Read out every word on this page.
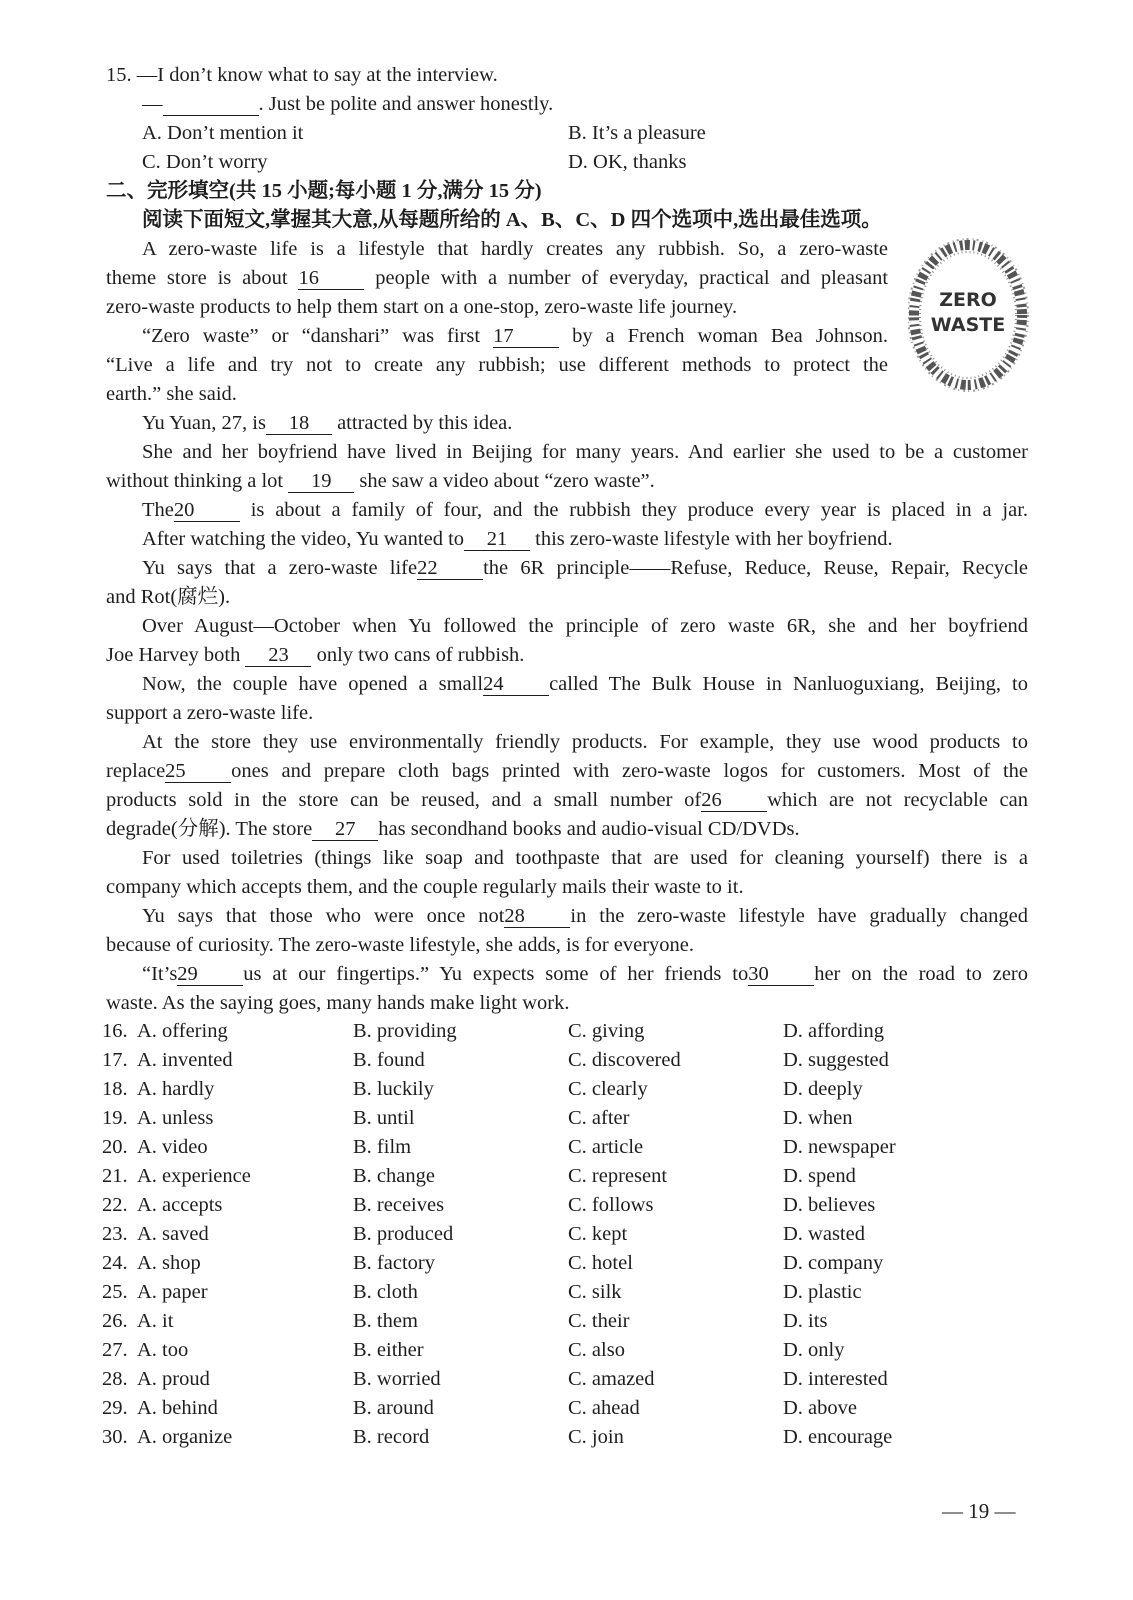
15. —I don’t know what to say at the interview.
—	. Just be polite and answer honestly.
A. Don’t mention it	B. It’s a pleasure
C. Don’t worry	D. OK, thanks
二、完形填空(共 15 小题;每小题 1 分,满分 15 分)
阅读下面短文,掌握其大意,从每题所给的 A、B、C、D 四个选项中,选出最佳选项。
ZERO
WASTE
A zero-waste life is a lifestyle that hardly creates any rubbish. So, a zero-waste
theme store is about 16	people with a number of everyday, practical and pleasant
zero-waste products to help them start on a one-stop, zero-waste life journey.
“Zero waste” or “danshari” was first 17	by a French woman Bea Johnson.
“Live a life and try not to create any rubbish; use different methods to protect the
earth.” she said.
Yu Yuan, 27, is 18 attracted by this idea.
She and her boyfriend have lived in Beijing for many years. And earlier she used to be a customer
without thinking a lot 19 she saw a video about “zero waste”.
The20	is about a family of four, and the rubbish they produce every year is placed in a jar.
After watching the video, Yu wanted to 21 this zero-waste lifestyle with her boyfriend.
Yu says that a zero-waste life22 the 6R principle——Refuse, Reduce, Reuse, Repair, Recycle
and Rot(腐烂).
Over August—October when Yu followed the principle of zero waste 6R, she and her boyfriend
Joe Harvey both 23 only two cans of rubbish.
Now, the couple have opened a small24 called The Bulk House in Nanluoguxiang, Beijing, to
support a zero-waste life.
At the store they use environmentally friendly products. For example, they use wood products to
replace25 ones and prepare cloth bags printed with zero-waste logos for customers. Most of the
products sold in the store can be reused, and a small number of26 which are not recyclable can
degrade(分解). The store 27 has secondhand books and audio-visual CD/DVDs.
For used toiletries (things like soap and toothpaste that are used for cleaning yourself) there is a
company which accepts them, and the couple regularly mails their waste to it.
Yu says that those who were once not28 in the zero-waste lifestyle have gradually changed
because of curiosity. The zero-waste lifestyle, she adds, is for everyone.
“It’s29 us at our fingertips.” Yu expects some of her friends to30 her on the road to zero
waste. As the saying goes, many hands make light work.
16. A. offering	B. providing	C. giving	D. affording
17. A. invented	B. found	C. discovered	D. suggested
18. A. hardly	B. luckily	C. clearly	D. deeply
19. A. unless	B. until	C. after	D. when
20. A. video	B. film	C. article	D. newspaper
21. A. experience	B. change	C. represent	D. spend
22. A. accepts	B. receives	C. follows	D. believes
23. A. saved	B. produced	C. kept	D. wasted
24. A. shop	B. factory	C. hotel	D. company
25. A. paper	B. cloth	C. silk	D. plastic
26. A. it	B. them	C. their	D. its
27. A. too	B. either	C. also	D. only
28. A. proud	B. worried	C. amazed	D. interested
29. A. behind	B. around	C. ahead	D. above
30. A. organize	B. record	C. join	D. encourage
— 19 —
